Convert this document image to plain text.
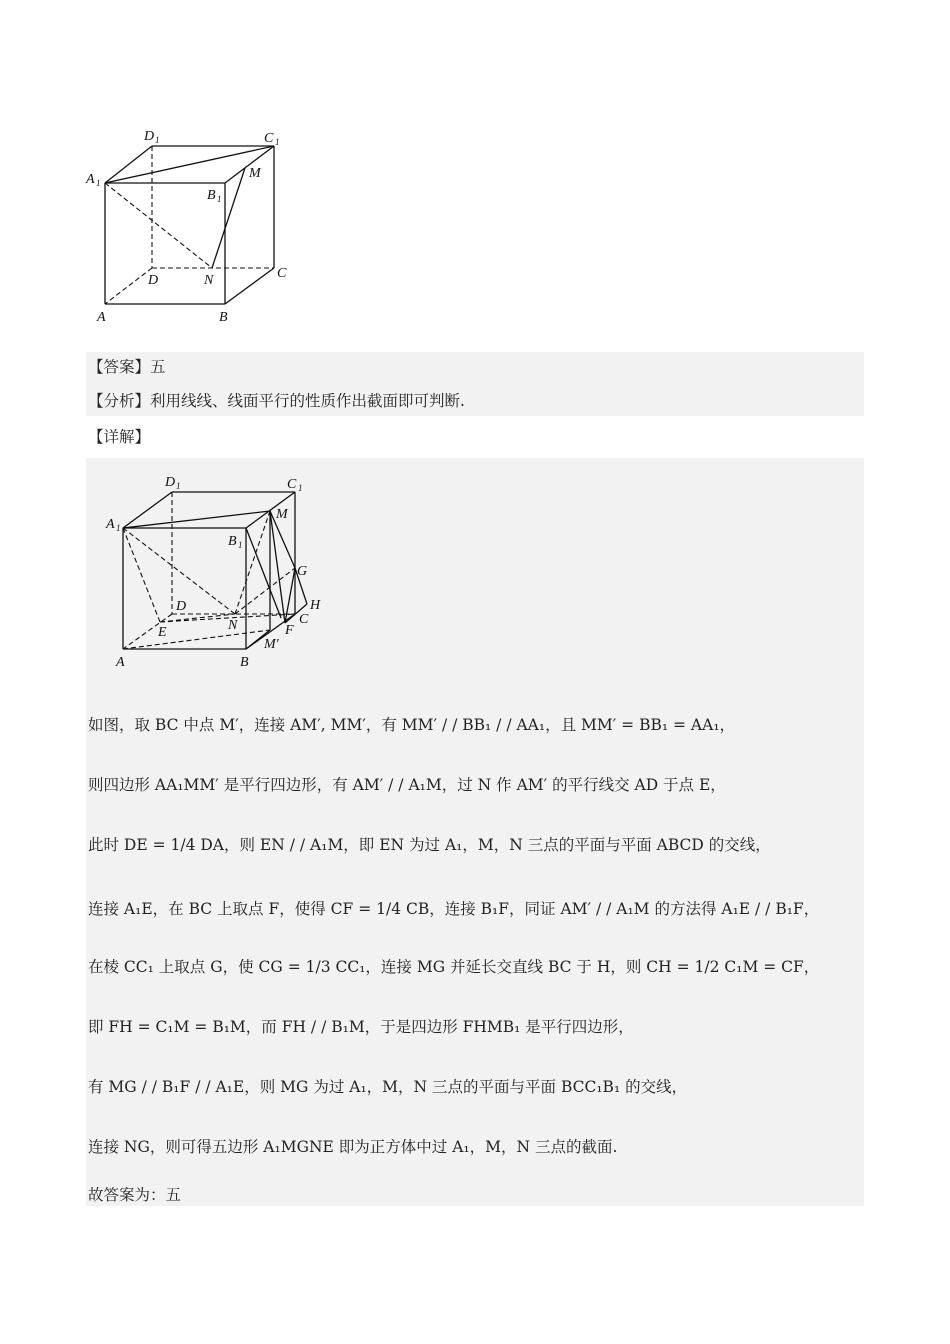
D 1	C 1
A 1
B 1
M
D	N	C
A	B
【答案】五
【分析】利用线线、线面平行的性质作出截面即可判断.
【详解】
D 1	C 1
A 1
B 1
M
G
H
D
E	N	C
F
M′
A	B
如图，取 BC 中点 M′，连接 AM′, MM′，有 MM′ / / BB₁ / / AA₁，且 MM′ = BB₁ = AA₁，
则四边形 AA₁MM′ 是平行四边形，有 AM′ / / A₁M，过 N 作 AM′ 的平行线交 AD 于点 E，
此时 DE = 1/4 DA，则 EN / / A₁M，即 EN 为过 A₁，M，N 三点的平面与平面 ABCD 的交线，
连接 A₁E，在 BC 上取点 F，使得 CF = 1/4 CB，连接 B₁F，同证 AM′ / / A₁M 的方法得 A₁E / / B₁F，
在棱 CC₁ 上取点 G，使 CG = 1/3 CC₁，连接 MG 并延长交直线 BC 于 H，则 CH = 1/2 C₁M = CF，
即 FH = C₁M = B₁M，而 FH / / B₁M，于是四边形 FHMB₁ 是平行四边形，
有 MG / / B₁F / / A₁E，则 MG 为过 A₁，M，N 三点的平面与平面 BCC₁B₁ 的交线，
连接 NG，则可得五边形 A₁MGNE 即为正方体中过 A₁，M，N 三点的截面.
故答案为：五
